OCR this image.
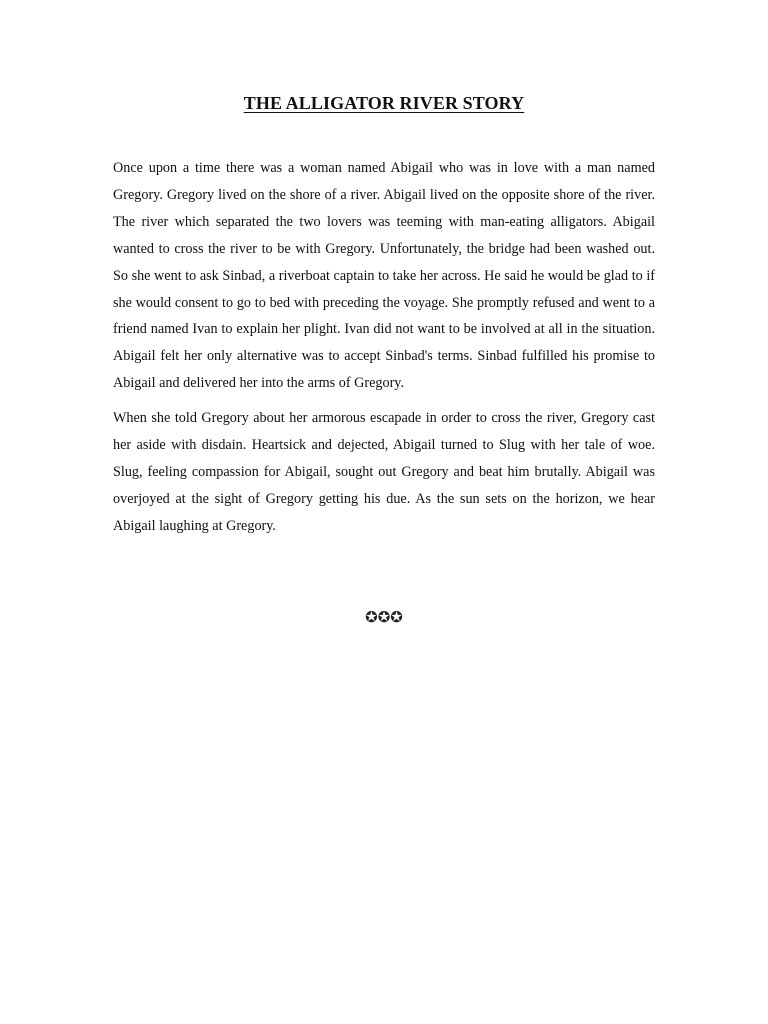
THE ALLIGATOR RIVER STORY

Once upon a time there was a woman named Abigail who was in love with a man named Gregory. Gregory lived on the shore of a river. Abigail lived on the opposite shore of the river. The river which separated the two lovers was teeming with man-eating alligators. Abigail wanted to cross the river to be with Gregory. Unfortunately, the bridge had been washed out. So she went to ask Sinbad, a riverboat captain to take her across. He said he would be glad to if she would consent to go to bed with preceding the voyage. She promptly refused and went to a friend named Ivan to explain her plight. Ivan did not want to be involved at all in the situation. Abigail felt her only alternative was to accept Sinbad's terms. Sinbad fulfilled his promise to Abigail and delivered her into the arms of Gregory.

When she told Gregory about her armorous escapade in order to cross the river, Gregory cast her aside with disdain. Heartsick and dejected, Abigail turned to Slug with her tale of woe. Slug, feeling compassion for Abigail, sought out Gregory and beat him brutally. Abigail was overjoyed at the sight of Gregory getting his due. As the sun sets on the horizon, we hear Abigail laughing at Gregory.

✪✪✪
